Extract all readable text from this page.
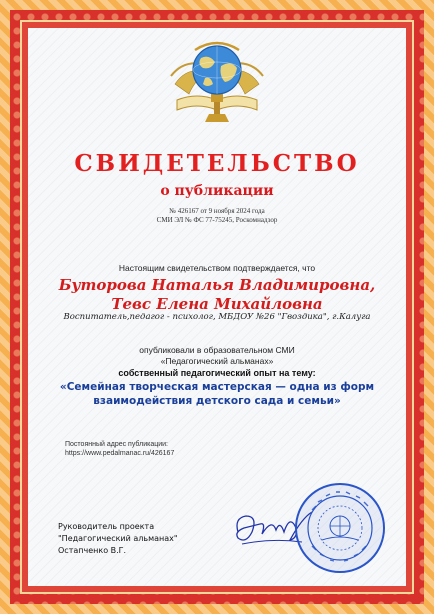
СВИДЕТЕЛЬСТВО
о публикации
№ 426167 от 9 ноября 2024 года
СМИ ЭЛ № ФС 77-75245, Роскомнадзор
Настоящим свидетельством подтверждается, что
Буторова Наталья Владимировна,
Тевс Елена Михайловна
Воспитатель,педагог - психолог, МБДОУ №26 "Гвоздика", г.Калуга
опубликовали в образовательном СМИ
«Педагогический альманах»
собственный педагогический опыт на тему:
«Семейная творческая мастерская — одна из форм
взаимодействия детского сада и семьи»
Постоянный адрес публикации:
https://www.pedalmanac.ru/426167
Руководитель проекта
"Педагогический альманах"
Остапченко В.Г.
